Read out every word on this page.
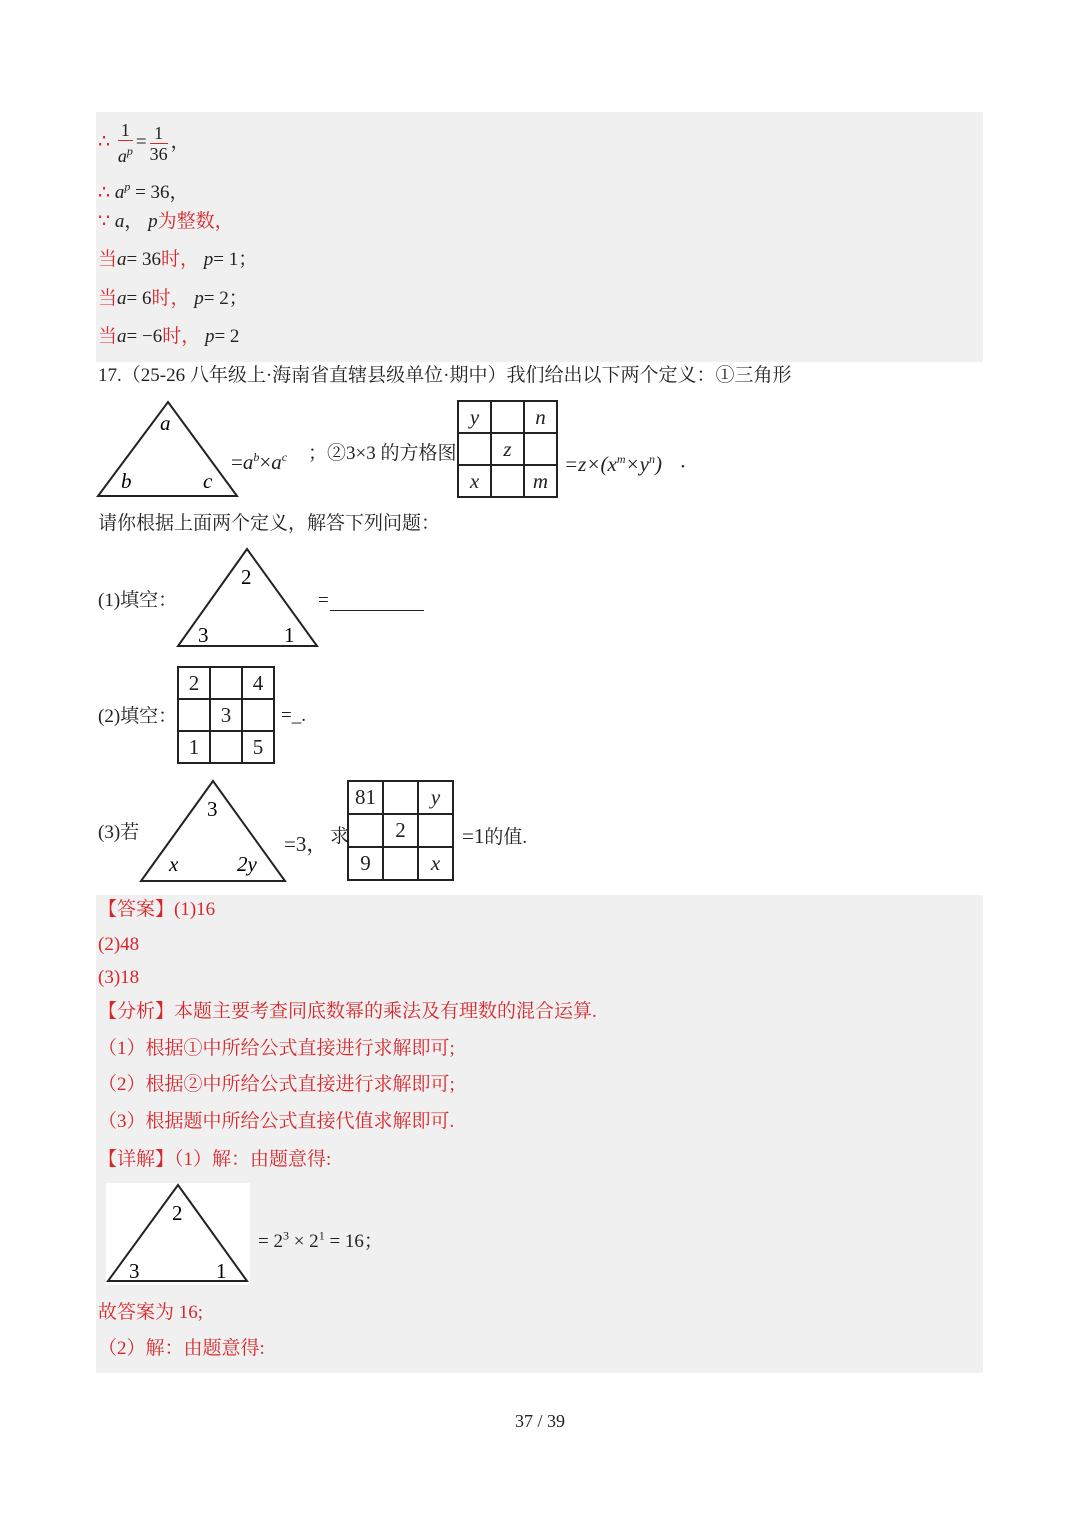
∴ $\frac{1}{a^p} = \frac{1}{36}$ ，
∴ $a^p = 36$，
∵ a， p为整数，
当a= 36时， p= 1；
当a= 6时， p= 2；
当a= −6时， p= 2
17.（25-26 八年级上·海南省直辖县级单位·期中）我们给出以下两个定义：①三角形
a
b	c
$=a^b\times a^c$ ；②3×3 的方格图
y		n
	z	
x		m
$=z\times(x^m\times y^n)$ ．
请你根据上面两个定义，解答下列问题：
(1)填空：
2
3	1
=
(2)填空：
2		4
	3	
1		5
=_.
(3)若
3
x	2y
=3， 求
81		y
	2	
9		x
=1的值.
【答案】(1)16
(2)48
(3)18
【分析】本题主要考查同底数幂的乘法及有理数的混合运算.
（1）根据①中所给公式直接进行求解即可;
（2）根据②中所给公式直接进行求解即可;
（3）根据题中所给公式直接代值求解即可.
【详解】（1）解：由题意得:
2
3	1
= $2^3 \times 2^1 = 16$；
故答案为 16;
（2）解：由题意得:
37 / 39
